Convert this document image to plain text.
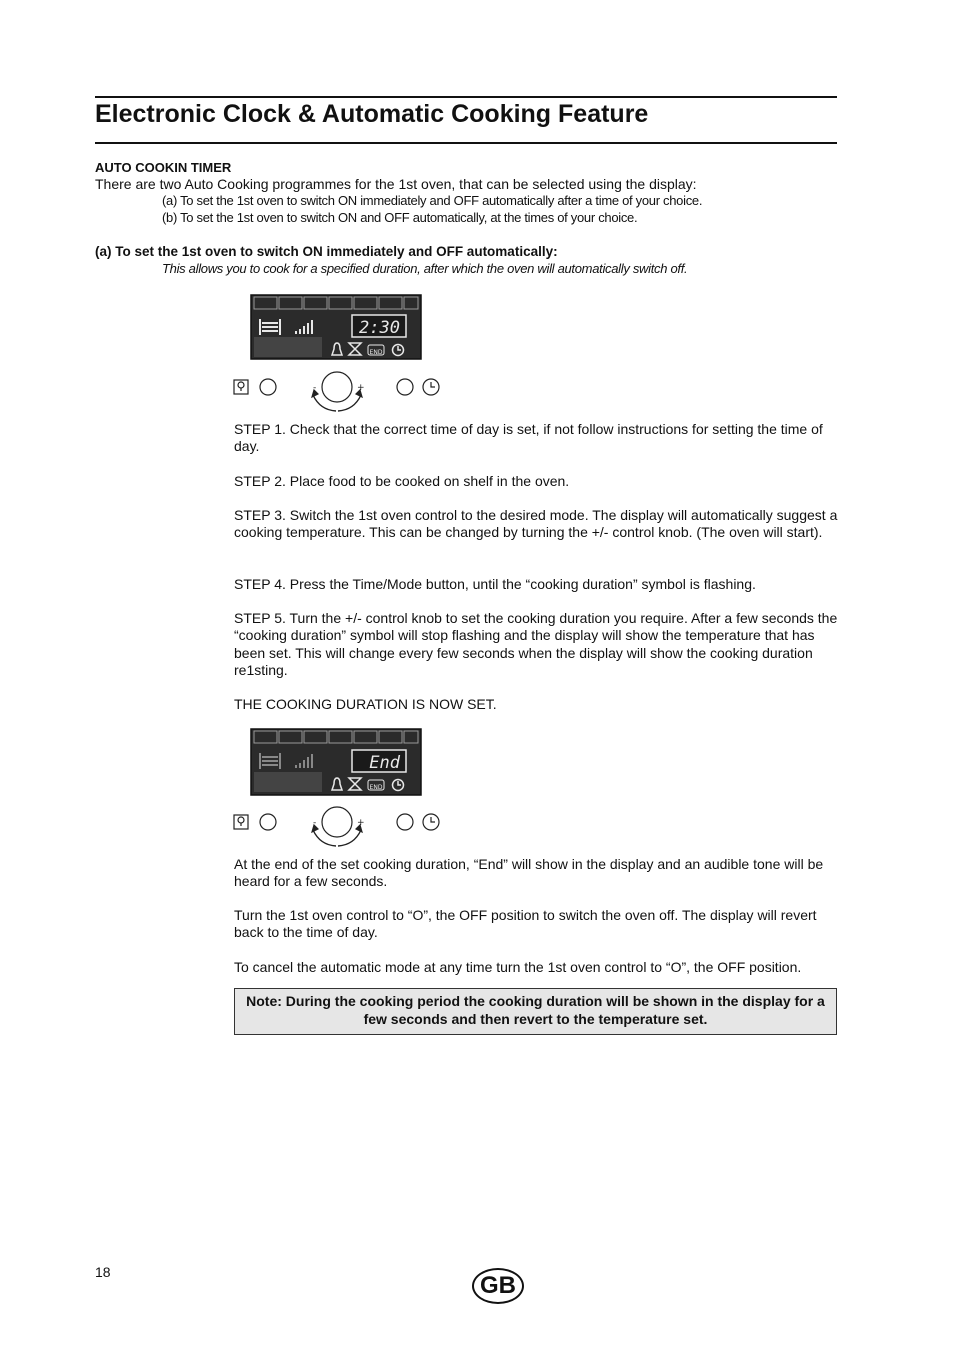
Electronic Clock & Automatic Cooking Feature
AUTO COOKIN TIMER
There are two Auto Cooking programmes for the 1st oven, that can be selected using the display:
(a) To set the 1st oven to switch ON immediately and OFF automatically after a time of your choice.
(b) To set the 1st oven to switch ON and OFF automatically, at the times of your choice.
(a) To set the 1st oven to switch ON immediately and OFF automatically:
This allows you to cook for a specified duration, after which the oven will automatically switch off.
2:30
END
-	+
STEP 1. Check that the correct time of day is set, if not follow instructions for setting the time of day.
STEP 2. Place food to be cooked on shelf in the oven.
STEP 3. Switch the 1st oven control to the desired mode. The display will automatically suggest a cooking temperature. This can be changed by turning the +/- control knob. (The oven will start).
STEP 4. Press the Time/Mode button, until the “cooking duration” symbol is flashing.
STEP 5. Turn the +/- control knob to set the cooking duration you require. After a few seconds the “cooking duration” symbol will stop flashing and the display will show the temperature that has been set. This will change every few seconds when the display will show the cooking duration re1sting.
THE COOKING DURATION IS NOW SET.
End
END
-	+
At the end of the set cooking duration, “End” will show in the display and an audible tone will be heard for a few seconds.
Turn the 1st oven control to “O”, the OFF position to switch the oven off. The display will revert back to the time of day.
To cancel the automatic mode at any time turn the 1st oven control to “O”, the OFF position.
Note: During the cooking period the cooking duration will be shown in the display for a few seconds and then revert to the temperature set.
18	GB
